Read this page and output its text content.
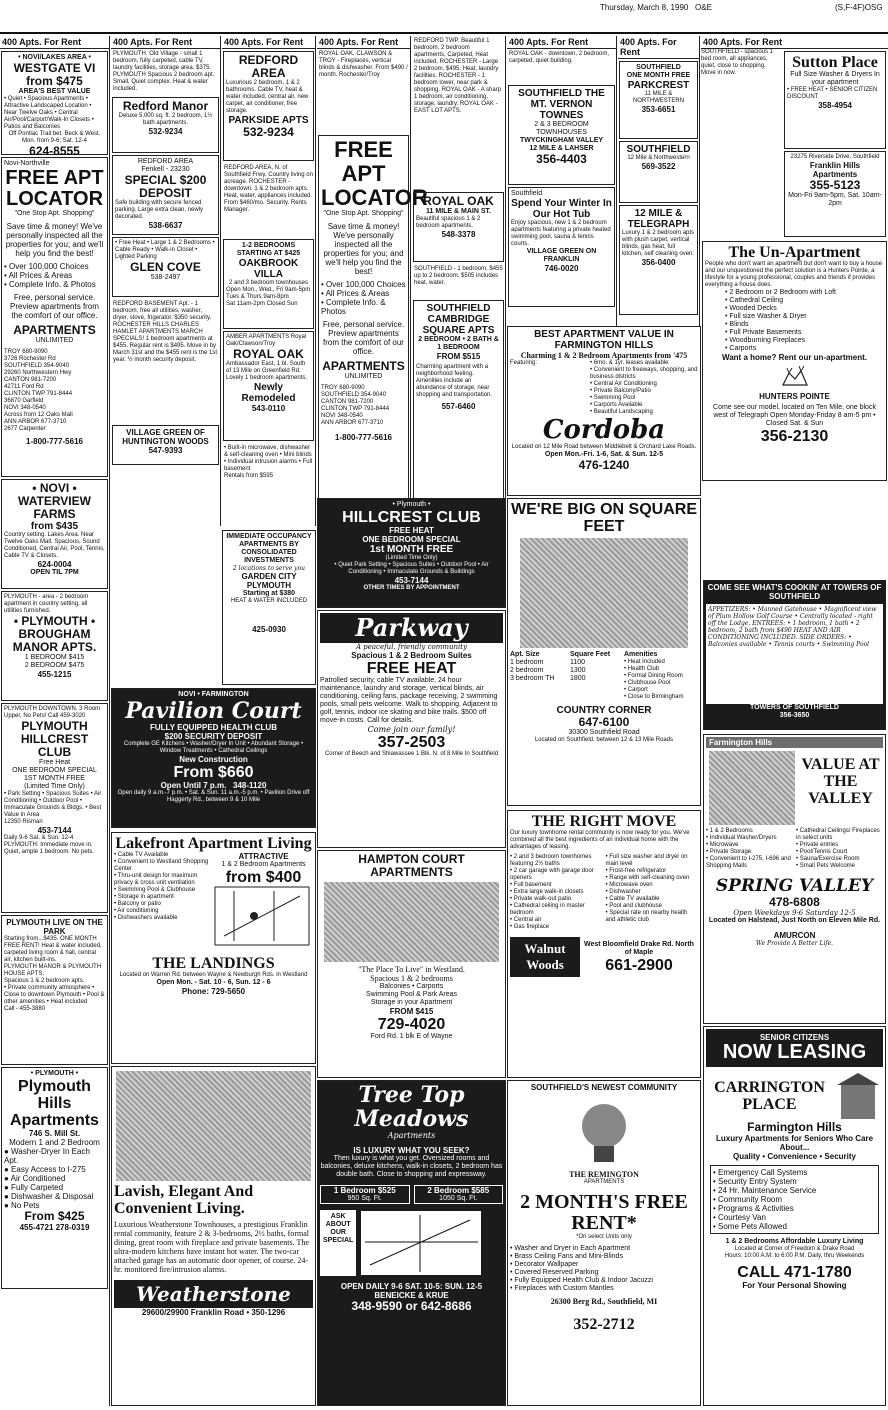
Thursday, March 8, 1990 O&E	(S,F-4F)OSG
400 Apts. For Rent
• NOVI/LAKES AREA •
WESTGATE VI
from $475
AREA'S BEST VALUE
• Quiet • Spacious Apartments • Attractive Landscaped Location • Near Twelve Oaks • Central Air/Pool/Carport/Walk-In Closets • Patios and Balconies
Off Pontiac Trail bet. Beck & West. Mon. from 9-6; Sat. 12-4
624-8555
Novi-Northville
FREE APT LOCATOR
"One Stop Apt. Shopping"
Save time & money! We've personally inspected all the properties for you; and we'll help you find the best!
• Over 100,000 Choices
• All Prices & Areas
• Complete Info. & Photos
Free, personal service. Preview apartments from the comfort of our office.
APARTMENTS
UNLIMITED
TROY 680-9090
3726 Rochester Rd
SOUTHFIELD 354-9040
29260 Northwestern Hwy
CANTON 981-7200
42711 Ford Rd
CLINTON TWP 791-8444
36870 Garfield
NOVI 348-0540
Across from 12 Oaks Mall
ANN ARBOR 677-3710
2677 Carpenter
1-800-777-5616
• NOVI • WATERVIEW FARMS
from $435
Country setting. Lakes Area. Near Twelve Oaks Mall. Spacious, Sound Conditioned, Central Air, Pool, Tennis, Cable TV & Closets.
624-0004
OPEN TIL 7PM
PLYMOUTH - area - 2 bedroom apartment in country setting, all utilities furnished.
• PLYMOUTH • BROUGHAM MANOR APTS.
1 BEDROOM $415
2 BEDROOM $475
455-1215
PLYMOUTH DOWNTOWN. 3 Room Upper, No Pets! Call 459-3020
PLYMOUTH HILLCREST CLUB
Free Heat
ONE BEDROOM SPECIAL
1ST MONTH FREE
(Limited Time Only)
• Park Setting • Spacious Suites • Air Conditioning • Outdoor Pool • Immaculate Grounds & Bldgs. • Best Value in Area
12350 Risman
453-7144
Daily 9-6 Sat. & Sun. 12-4
PLYMOUTH: Immediate move in. Quiet, ample 1 bedroom. No pets.
PLYMOUTH LIVE ON THE PARK
Starting from...$435. ONE MONTH FREE RENT! Heat & water included, carpeted living room & hall, central air, kitchen built-ins.
PLYMOUTH MANOR & PLYMOUTH HOUSE APTS.
Spacious 1 & 2 bedroom apts.
• Private community atmosphere • Close to downtown Plymouth • Pool & other amenities • Heat included
Call - 455-3880
• PLYMOUTH •
Plymouth Hills Apartments
746 S. Mill St.
Modern 1 and 2 Bedroom
● Washer-Dryer In Each Apt.
● Easy Access to I-275
● Air Conditioned
● Fully Carpeted
● Dishwasher & Disposal
● No Pets
From $425
455-4721 278-0319
400 Apts. For Rent
PLYMOUTH. Old Village - small 1 bedroom, fully carpeted, cable TV, laundry facilities, storage area. $375. PLYMOUTH Spacious 2 bedroom apt. Small, Quiet complex. Heat & water included.
Redford Manor
Deluxe 5,000 sq. ft. 2 bedroom, 1½ bath apartments.
532-9234
REDFORD AREA
Fenkell - 23230
SPECIAL $200 DEPOSIT
Safe building with secure fenced parking. Large extra clean, newly decorated.
538-6637
• Free Heat • Large 1 & 2 Bedrooms • Cable Ready • Walk-in Closet • Lighted Parking
GLEN COVE
538-2497
REDFORD BASEMENT Apt. - 1 bedroom, free all utilities, washer, dryer, stove, frigerator. $350 security. ROCHESTER HILLS CHARLES HAMLET APARTMENTS MARCH SPECIALS! 1 bedroom apartments at $455. Regular rent is $495. Move in by March 31st and the $455 rent is the 1st year. ½ month security deposit.
VILLAGE GREEN OF HUNTINGTON WOODS
547-9393
400 Apts. For Rent
REDFORD AREA
Luxurious 2 bedroom, 1 & 2 bathrooms. Cable TV, heat & water included, central air, new carpet, air conditioner, free storage.
PARKSIDE APTS
532-9234
REDFORD AREA, N. of Southfield Frwy. Country living on acreage. ROCHESTER - downtown, 1 & 2 bedroom apts. Heat, water, appliances included. From $460/mo. Security. Rents Manager.
1-2 BEDROOMS
STARTING AT $425
OAKBROOK VILLA
2 and 3 bedroom townhouses
Open Mon., Wed., Fri 9am-5pm
Tues & Thurs 9am-8pm
Sat 11am-2pm Closed Sun
AMBER APARTMENTS Royal Oak/Clawson/Troy
ROYAL OAK
Ambassador East, 1 bl. South of 13 Mile on Greenfield Rd. Lovely 1 bedroom apartments.
Newly Remodeled
543-0110
• Built-in microwave, dishwasher & self-cleaning oven • Mini blinds • Individual intrusion alarms • Full basement
Rentals from $595
400 Apts. For Rent
ROYAL OAK, CLAWSON & TROY - Fireplaces, vertical blinds & dishwasher. From $490 / month. Rochester/Troy
FREE APT LOCATOR
"One Stop Apt. Shopping"
Save time & money! We've personally inspected all the properties for you; and we'll help you find the best!
• Over 100,000 Choices
• All Prices & Areas
• Complete Info. & Photos
Free, personal service. Preview apartments from the comfort of our office.
APARTMENTS
UNLIMITED
TROY 680-9090
SOUTHFIELD 354-9040
CANTON 981-7200
CLINTON TWP 791-8444
NOVI 348-0540
ANN ARBOR 677-3710
1-800-777-5616
REDFORD TWP. Beautiful 1 bedroom, 2 bedroom apartments, Carpeted, Heat included. ROCHESTER - Large 2 bedroom, $495. Heat, laundry facilities. ROCHESTER - 1 bedroom lower, near park & shopping. ROYAL OAK - A sharp 1 bedroom, air conditioning, storage, laundry. ROYAL OAK - EAST LOT APTS.
ROYAL OAK
11 MILE & MAIN ST.
Beautiful spacious 1 & 2 bedroom apartments.
548-3378
SOUTHFIELD - 1 bedroom, $455 up to 2 bedroom, $505 includes heat, water.
SOUTHFIELD CAMBRIDGE SQUARE APTS
2 BEDROOM • 2 BATH & 1 BEDROOM
FROM $515
Charming apartment with a neighborhood feeling. Amenities include an abundance of storage, near shopping and transportation.
557-6460
400 Apts. For Rent
ROYAL OAK - downtown, 2 bedroom, carpeted, quiet building.
SOUTHFIELD THE MT. VERNON TOWNES
2 & 3 BEDROOM TOWNHOUSES
TWYCKINGHAM VALLEY
12 MILE & LAHSER
356-4403
Southfield
Spend Your Winter In Our Hot Tub
Enjoy spacious, new 1 & 2 bedroom apartments featuring a private heated swimming pool, sauna & tennis courts.
VILLAGE GREEN ON FRANKLIN
746-0020
400 Apts. For Rent
SOUTHFIELD
ONE MONTH FREE
PARKCREST
11 MILE & NORTHWESTERN
353-6651
SOUTHFIELD
12 Mile & Northwestern
569-3522
12 MILE & TELEGRAPH
Luxury 1 & 2 bedroom apts with plush carpet, vertical blinds, gas heat, full kitchen, self cleaning oven.
356-0400
400 Apts. For Rent
SOUTHFIELD - spacious 1 bed room, all appliances, quiet, close to shopping. Move in now.
Sutton Place
Full Size Washer & Dryers In your apartment
• FREE HEAT • SENIOR CITIZEN DISCOUNT
358-4954
23275 Riverside Drive, Southfield
Franklin Hills Apartments
355-5123
Mon-Fri 9am-5pm, Sat. 10am-2pm
The Un-Apartment
People who don't want an apartment but don't want to buy a house and our unquestioned the perfect solution is a Hunters Pointe, a lifestyle for a young professional, couples and friends if provides everything a house does.
• 2 Bedroom or 2 Bedroom with Loft
• Cathedral Ceiling
• Wooded Decks
• Full size Washer & Dryer
• Blinds
• Full Private Basements
• Woodburning Fireplaces
• Carports
Want a home? Rent our un-apartment.
HUNTERS POINTE
Come see our model, located on Ten Mile, one block west of Telegraph Open Monday-Friday 8 am-5 pm • Closed Sat. & Sun
356-2130
BEST APARTMENT VALUE IN FARMINGTON HILLS
Charming 1 & 2 Bedroom Apartments from '475
Featuring:	• 6mo. & 1yr. leases available
• Convenient to freeways, shopping, and business districts
• Central Air Conditioning
• Private Balcony/Patio
• Swimming Pool
• Carports Available
• Beautiful Landscaping
Cordoba
Located on 12 Mile Road between Middlebelt & Orchard Lake Roads.
Open Mon.-Fri. 1-6, Sat. & Sun. 12-5
476-1240
WE'RE BIG ON SQUARE FEET
Apt. Size
1 bedroom
2 bedroom
3 bedroom TH
Square Feet
1100
1300
1800
Amenities
• Heat Included
• Health Club
• Formal Dining Room
• Clubhouse Pool
• Carport
• Close to Birmingham
COUNTRY CORNER
647-6100
30300 Southfield Road
Located on Southfield, between 12 & 13 Mile Roads
COME SEE WHAT'S COOKIN' AT TOWERS OF SOUTHFIELD
APPETIZERS: • Manned Gatehouse • Magnificent view of Plum Hollow Golf Course • Centrally located - right off the Lodge. ENTREES: • 1 bedroom, 1 bath • 2 bedroom, 2 bath from $490 HEAT AND AIR CONDITIONING INCLUDED. SIDE ORDERS: • Balconies available • Tennis courts • Swimming Pool
TOWERS OF SOUTHFIELD
356-3650
• Plymouth •
HILLCREST CLUB
FREE HEAT
ONE BEDROOM SPECIAL
1st MONTH FREE
(Limited Time Only)
• Quiet Park Setting • Spacious Suites • Outdoor Pool • Air Conditioning • Immaculate Grounds & Buildings
453-7144
OTHER TIMES BY APPOINTMENT
Parkway
A peaceful, friendly community
Spacious 1 & 2 Bedroom Suites
FREE HEAT
Patrolled security, cable TV available, 24 hour maintenance, laundry and storage, vertical blinds, air conditioning, ceiling fans, package receiving, 2 swimming pools, small pets welcome. Walk to shopping. Adjacent to golf, tennis, indoor ice skating and bike trails. $500 off move-in costs. Call for details.
Come join our family!
357-2503
Corner of Beech and Shiawassee 1 Blk. N. of 8 Mile In Southfield
NOVI • FARMINGTON
Pavilion Court
FULLY EQUIPPED HEALTH CLUB
$200 SECURITY DEPOSIT
Complete GE Kitchens • Washer/Dryer In Unit • Abundant Storage • Window Treatments • Cathedral Ceilings
New Construction
From $660
Open Until 7 p.m. 348-1120
Open daily 9 a.m.-7 p.m. • Sat. & Sun. 11 a.m.-5 p.m. • Pavilion Drive off Haggerty Rd., between 9 & 10 Mile
IMMEDIATE OCCUPANCY APARTMENTS BY CONSOLIDATED INVESTMENTS
2 locations to serve you
GARDEN CITY
PLYMOUTH
Starting at $380
HEAT & WATER INCLUDED
425-0930
HAMPTON COURT APARTMENTS
"The Place To Live" in Westland.
Spacious 1 & 2 bedrooms
Balconies • Carports
Swimming Pool & Park Areas
Storage in your Apartment
FROM $415
729-4020
Ford Rd. 1 blk E of Wayne
THE RIGHT MOVE
Our luxury townhome rental community is now ready for you. We've combined all the best ingredients of an individual home with the advantages of leasing.
• 2 and 3 bedroom townhomes featuring 2½ baths
• 2 car garage with garage door openers
• Full basement
• Extra large walk-in closets
• Private walk-out patio
• Cathedral ceiling in master bedroom
• Central air
• Gas fireplace
• Full size washer and dryer on main level
• Frost-free refrigerator
• Range with self-cleaning oven
• Microwave oven
• Dishwasher
• Cable TV available
• Pool and clubhouse
• Special rate on nearby health and athletic club
Walnut Woods
West Bloomfield Drake Rd. North of Maple
661-2900
Farmington Hills
VALUE AT THE VALLEY
• 1 & 2 Bedrooms
• Individual Washer/Dryers
• Microwave
• Private Storage
• Convenient to I-275, I-696 and Shopping Malls
• Cathedral Ceilings/ Fireplaces in select units
• Private entries
• Pool/Tennis Court
• Sauna/Exercise Room
• Small Pets Welcome
SPRING VALLEY
478-6808
Open Weekdays 9-6 Saturday 12-5
Located on Halstead, Just North on Eleven Mile Rd.
AMURCON
We Provide A Better Life.
Lakefront Apartment Living
• Cable TV Available
• Convenient to Westland Shopping Center
• Thru-unit design for maximum privacy & cross unit ventilation
• Swimming Pool & Clubhouse
• Storage in apartment
• Balcony or patio
• Air conditioning
• Dishwashers available
ATTRACTIVE
1 & 2 Bedroom Apartments
from $400
THE LANDINGS
Located on Warren Rd. between Wayne & Newburgh Rds. in Westland
Open Mon. - Sat. 10 - 6, Sun. 12 - 6
Phone: 729-5650
Tree Top Meadows
Apartments
IS LUXURY WHAT YOU SEEK?
Then luxury is what you get. Oversized rooms and balconies, deluxe kitchens, walk-in closets, 2 bedroom has double bath. Close to shopping and expressway.
1 Bedroom $525
950 Sq. Ft.
2 Bedroom $585
1050 Sq. Ft.
ASK ABOUT OUR SPECIAL
OPEN DAILY 9-6 SAT. 10-5: SUN. 12-5
BENEICKE & KRUE
348-9590 or 642-8686
SOUTHFIELD'S NEWEST COMMUNITY
THE REMINGTON
APARTMENTS
2 MONTH'S FREE RENT*
*On select Units only
• Washer and Dryer in Each Apartment
• Brass Ceiling Fans and Mini-Blinds
• Decorator Wallpaper
• Covered Reserved Parking
• Fully Equipped Health Club & Indoor Jacuzzi
• Fireplaces with Custom Mantles
26300 Berg Rd., Southfield, MI
352-2712
Lavish, Elegant And Convenient Living.
Luxurious Weatherstone Townhouses, a prestigious Franklin rental community, feature 2 & 3-bedrooms, 2½ baths, formal dining, great room with fireplace and private basements. The ultra-modern kitchens have instant hot water. The two-car attached garage has an automatic door opener, of course. 24-hr. monitored fire/intrusion alarms.
Weatherstone
29600/29900 Franklin Road • 350-1296
SENIOR CITIZENS
NOW LEASING
CARRINGTON PLACE
Farmington Hills
Luxury Apartments for Seniors Who Care About...
Quality • Convenience • Security
• Emergency Call Systems
• Security Entry System
• 24 Hr. Maintenance Service
• Community Room
• Programs & Activities
• Courtesy Van
• Some Pets Allowed
1 & 2 Bedrooms Affordable Luxury Living
Located at Corner of Freedom & Drake Road
Hours: 10:00 A.M. to 6:00 P.M. Daily, thru Weekends
CALL 471-1780
For Your Personal Showing
